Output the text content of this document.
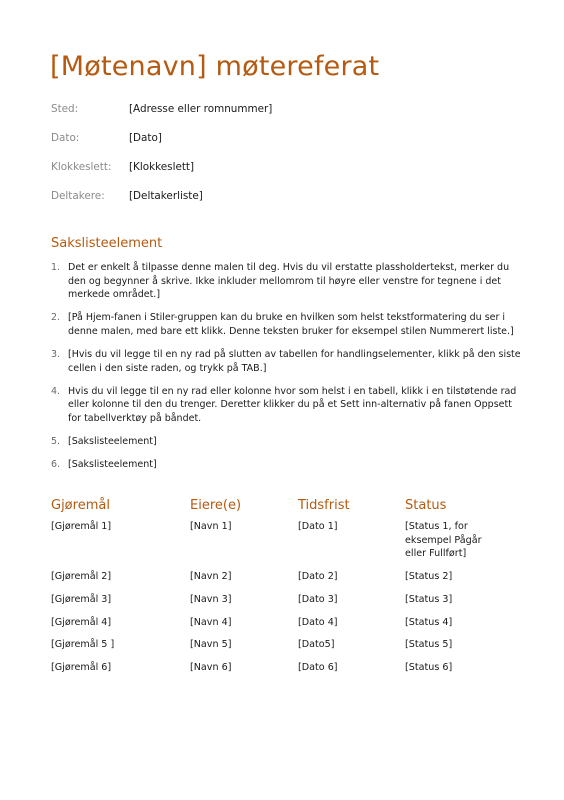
[Møtenavn] møtereferat
Sted:	[Adresse eller romnummer]
Dato:	[Dato]
Klokkeslett: [Klokkeslett]
Deltakere: [Deltakerliste]
Sakslisteelement
1. Det er enkelt å tilpasse denne malen til deg. Hvis du vil erstatte plassholdertekst, merker du den og begynner å skrive. Ikke inkluder mellomrom til høyre eller venstre for tegnene i det merkede området.]
2. [På Hjem-fanen i Stiler-gruppen kan du bruke en hvilken som helst tekstformatering du ser i denne malen, med bare ett klikk. Denne teksten bruker for eksempel stilen Nummerert liste.]
3. [Hvis du vil legge til en ny rad på slutten av tabellen for handlingselementer, klikk på den siste cellen i den siste raden, og trykk på TAB.]
4. Hvis du vil legge til en ny rad eller kolonne hvor som helst i en tabell, klikk i en tilstøtende rad eller kolonne til den du trenger. Deretter klikker du på et Sett inn-alternativ på fanen Oppsett for tabellverktøy på båndet.
5. [Sakslisteelement]
6. [Sakslisteelement]
Gjøremål	Eiere(e)	Tidsfrist	Status
[Gjøremål 1]	[Navn 1]	[Dato 1]	[Status 1, for eksempel Pågår eller Fullført]
[Gjøremål 2]	[Navn 2]	[Dato 2]	[Status 2]
[Gjøremål 3]	[Navn 3]	[Dato 3]	[Status 3]
[Gjøremål 4]	[Navn 4]	[Dato 4]	[Status 4]
[Gjøremål 5 ]	[Navn 5]	[Dato5]	[Status 5]
[Gjøremål 6]	[Navn 6]	[Dato 6]	[Status 6]
